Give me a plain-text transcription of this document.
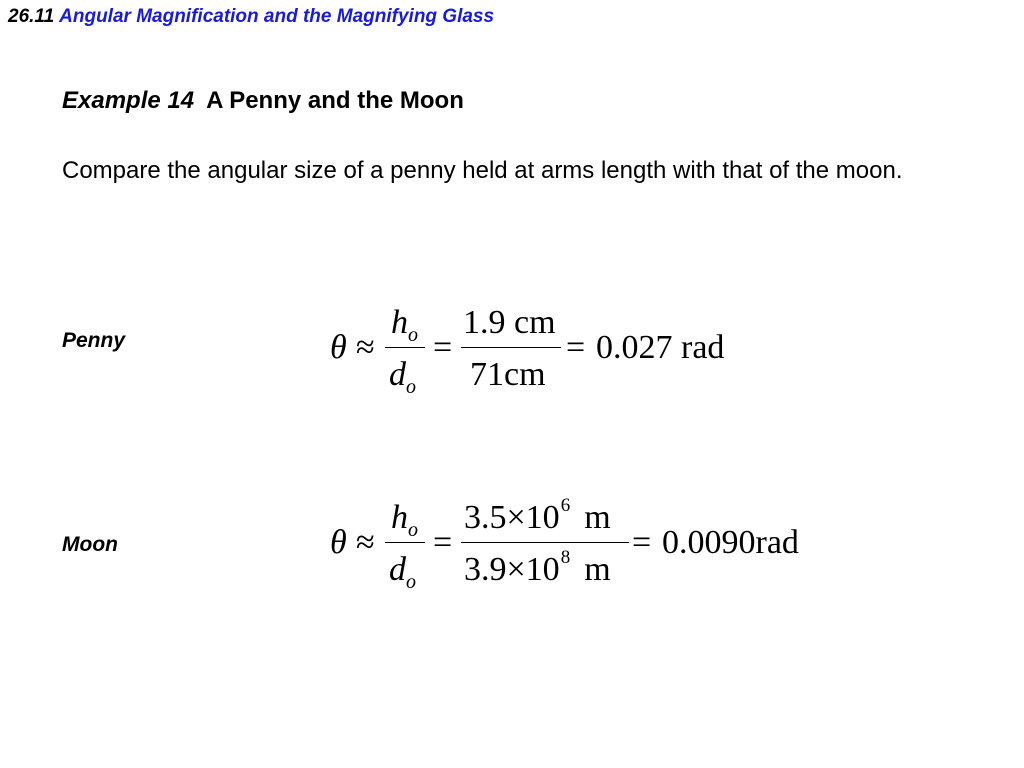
26.11 Angular Magnification and the Magnifying Glass
Example 14 A Penny and the Moon
Compare the angular size of a penny held at arms length with that of the moon.
Penny	θ ≈
$h_o$
$d_o$
=
1.9 cm
71cm
= 0.027 rad
Moon	θ ≈
$h_o$
$d_o$
=
$3.5\times 10^6$ m
$3.9\times 10^8$ m
= 0.0090rad
